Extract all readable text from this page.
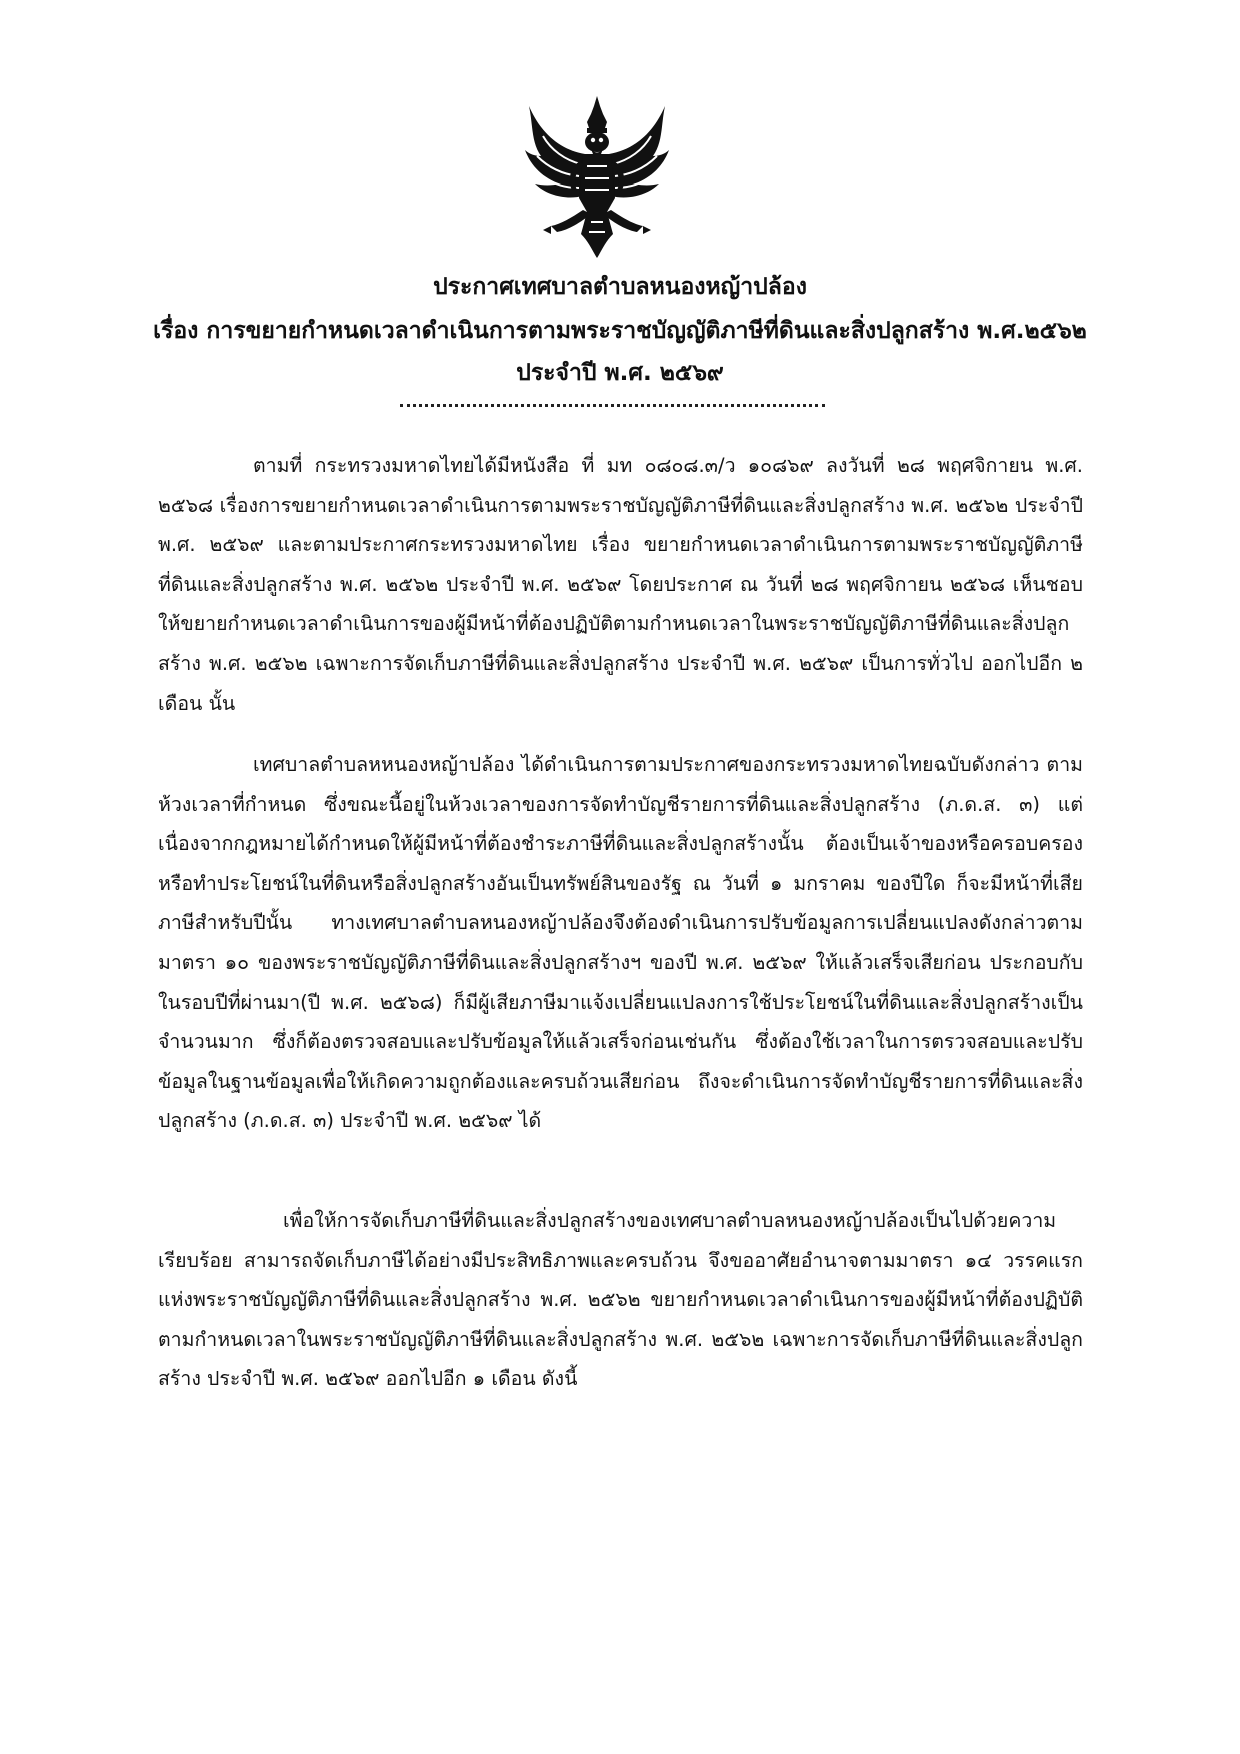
ประกาศเทศบาลตำบลหนองหญ้าปล้อง
เรื่อง การขยายกำหนดเวลาดำเนินการตามพระราชบัญญัติภาษีที่ดินและสิ่งปลูกสร้าง พ.ศ.๒๕๖๒
ประจำปี พ.ศ. ๒๕๖๙
ตามที่ กระทรวงมหาดไทยได้มีหนังสือ ที่ มท ๐๘๐๘.๓/ว ๑๐๘๖๙ ลงวันที่ ๒๘ พฤศจิกายน พ.ศ. ๒๕๖๘ เรื่องการขยายกำหนดเวลาดำเนินการตามพระราชบัญญัติภาษีที่ดินและสิ่งปลูกสร้าง พ.ศ. ๒๕๖๒ ประจำปี พ.ศ. ๒๕๖๙ และตามประกาศกระทรวงมหาดไทย เรื่อง ขยายกำหนดเวลาดำเนินการตามพระราชบัญญัติภาษีที่ดินและสิ่งปลูกสร้าง พ.ศ. ๒๕๖๒ ประจำปี พ.ศ. ๒๕๖๙ โดยประกาศ ณ วันที่ ๒๘ พฤศจิกายน ๒๕๖๘ เห็นชอบให้ขยายกำหนดเวลาดำเนินการของผู้มีหน้าที่ต้องปฏิบัติตามกำหนดเวลาในพระราชบัญญัติภาษีที่ดินและสิ่งปลูกสร้าง พ.ศ. ๒๕๖๒ เฉพาะการจัดเก็บภาษีที่ดินและสิ่งปลูกสร้าง ประจำปี พ.ศ. ๒๕๖๙ เป็นการทั่วไป ออกไปอีก ๒ เดือน นั้น
เทศบาลตำบลหหนองหญ้าปล้อง ได้ดำเนินการตามประกาศของกระทรวงมหาดไทยฉบับดังกล่าว ตามห้วงเวลาที่กำหนด ซึ่งขณะนี้อยู่ในห้วงเวลาของการจัดทำบัญชีรายการที่ดินและสิ่งปลูกสร้าง (ภ.ด.ส. ๓) แต่เนื่องจากกฎหมายได้กำหนดให้ผู้มีหน้าที่ต้องชำระภาษีที่ดินและสิ่งปลูกสร้างนั้น ต้องเป็นเจ้าของหรือครอบครองหรือทำประโยชน์ในที่ดินหรือสิ่งปลูกสร้างอันเป็นทรัพย์สินของรัฐ ณ วันที่ ๑ มกราคม ของปีใด ก็จะมีหน้าที่เสียภาษีสำหรับปีนั้น ทางเทศบาลตำบลหนองหญ้าปล้องจึงต้องดำเนินการปรับข้อมูลการเปลี่ยนแปลงดังกล่าวตาม มาตรา ๑๐ ของพระราชบัญญัติภาษีที่ดินและสิ่งปลูกสร้างฯ ของปี พ.ศ. ๒๕๖๙ ให้แล้วเสร็จเสียก่อน ประกอบกับในรอบปีที่ผ่านมา(ปี พ.ศ. ๒๕๖๘) ก็มีผู้เสียภาษีมาแจ้งเปลี่ยนแปลงการใช้ประโยชน์ในที่ดินและสิ่งปลูกสร้างเป็นจำนวนมาก ซึ่งก็ต้องตรวจสอบและปรับข้อมูลให้แล้วเสร็จก่อนเช่นกัน ซึ่งต้องใช้เวลาในการตรวจสอบและปรับข้อมูลในฐานข้อมูลเพื่อให้เกิดความถูกต้องและครบถ้วนเสียก่อน ถึงจะดำเนินการจัดทำบัญชีรายการที่ดินและสิ่งปลูกสร้าง (ภ.ด.ส. ๓) ประจำปี พ.ศ. ๒๕๖๙ ได้
เพื่อให้การจัดเก็บภาษีที่ดินและสิ่งปลูกสร้างของเทศบาลตำบลหนองหญ้าปล้องเป็นไปด้วยความเรียบร้อย สามารถจัดเก็บภาษีได้อย่างมีประสิทธิภาพและครบถ้วน จึงขออาศัยอำนาจตามมาตรา ๑๔ วรรคแรก แห่งพระราชบัญญัติภาษีที่ดินและสิ่งปลูกสร้าง พ.ศ. ๒๕๖๒ ขยายกำหนดเวลาดำเนินการของผู้มีหน้าที่ต้องปฏิบัติตามกำหนดเวลาในพระราชบัญญัติภาษีที่ดินและสิ่งปลูกสร้าง พ.ศ. ๒๕๖๒ เฉพาะการจัดเก็บภาษีที่ดินและสิ่งปลูกสร้าง ประจำปี พ.ศ. ๒๕๖๙ ออกไปอีก ๑ เดือน ดังนี้
